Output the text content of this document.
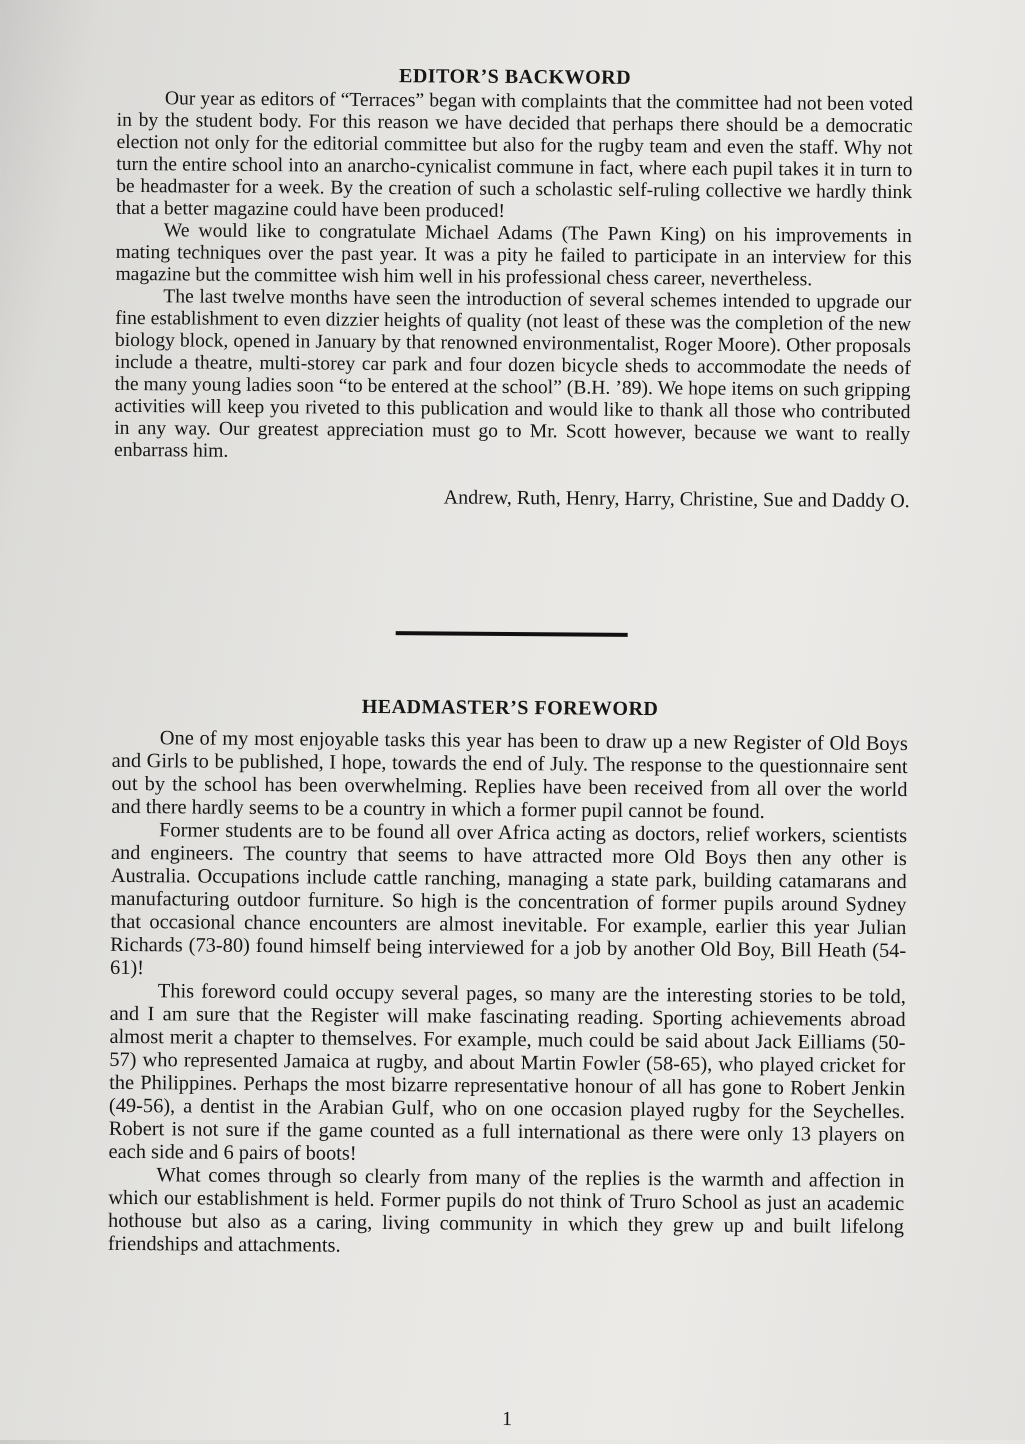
EDITOR’S BACKWORD

Our year as editors of “Terraces” began with complaints that the committee had not been voted in by the student body. For this reason we have decided that perhaps there should be a democratic election not only for the editorial committee but also for the rugby team and even the staff. Why not turn the entire school into an anarcho-cynicalist commune in fact, where each pupil takes it in turn to be headmaster for a week. By the creation of such a scholastic self-ruling collective we hardly think that a better magazine could have been produced!

We would like to congratulate Michael Adams (The Pawn King) on his improvements in mating techniques over the past year. It was a pity he failed to participate in an interview for this magazine but the committee wish him well in his professional chess career, nevertheless.

The last twelve months have seen the introduction of several schemes intended to upgrade our fine establishment to even dizzier heights of quality (not least of these was the completion of the new biology block, opened in January by that renowned environmentalist, Roger Moore). Other proposals include a theatre, multi-storey car park and four dozen bicycle sheds to accommodate the needs of the many young ladies soon “to be entered at the school” (B.H. ’89). We hope items on such gripping activities will keep you riveted to this publication and would like to thank all those who contributed in any way. Our greatest appreciation must go to Mr. Scott however, because we want to really enbarrass him.

Andrew, Ruth, Henry, Harry, Christine, Sue and Daddy O.

HEADMASTER’S FOREWORD

One of my most enjoyable tasks this year has been to draw up a new Register of Old Boys and Girls to be published, I hope, towards the end of July. The response to the questionnaire sent out by the school has been overwhelming. Replies have been received from all over the world and there hardly seems to be a country in which a former pupil cannot be found.

Former students are to be found all over Africa acting as doctors, relief workers, scientists and engineers. The country that seems to have attracted more Old Boys then any other is Australia. Occupations include cattle ranching, managing a state park, building catamarans and manufacturing outdoor furniture. So high is the concentration of former pupils around Sydney that occasional chance encounters are almost inevitable. For example, earlier this year Julian Richards (73-80) found himself being interviewed for a job by another Old Boy, Bill Heath (54-61)!

This foreword could occupy several pages, so many are the interesting stories to be told, and I am sure that the Register will make fascinating reading. Sporting achievements abroad almost merit a chapter to themselves. For example, much could be said about Jack Eilliams (50-57) who represented Jamaica at rugby, and about Martin Fowler (58-65), who played cricket for the Philippines. Perhaps the most bizarre representative honour of all has gone to Robert Jenkin (49-56), a dentist in the Arabian Gulf, who on one occasion played rugby for the Seychelles. Robert is not sure if the game counted as a full international as there were only 13 players on each side and 6 pairs of boots!

What comes through so clearly from many of the replies is the warmth and affection in which our establishment is held. Former pupils do not think of Truro School as just an academic hothouse but also as a caring, living community in which they grew up and built lifelong friendships and attachments.

1
